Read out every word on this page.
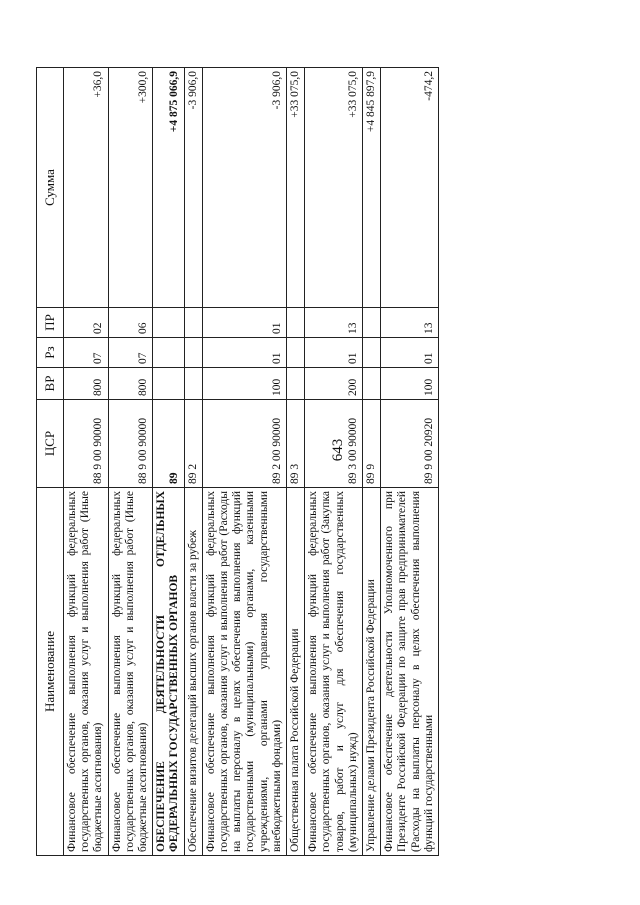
643
Наименование	ЦСР	ВР	Рз	ПР	Сумма
Финансовое обеспечение выполнения функций федеральных государственных органов, оказания услуг и выполнения работ (Иные бюджетные ассигнования)	88 9 00 90000	800	07	02	+36,0
Финансовое обеспечение выполнения функций федеральных государственных органов, оказания услуг и выполнения работ (Иные бюджетные ассигнования)	88 9 00 90000	800	07	06	+300,0
ОБЕСПЕЧЕНИЕ ДЕЯТЕЛЬНОСТИ ОТДЕЛЬНЫХ ФЕДЕРАЛЬНЫХ ГОСУДАРСТВЕННЫХ ОРГАНОВ	89				+4 875 066,9
Обеспечение визитов делегаций высших органов власти за рубеж	89 2				-3 906,0
Финансовое обеспечение выполнения функций федеральных государственных органов, оказания услуг и выполнения работ (Расходы на выплаты персоналу в целях обеспечения выполнения функций государственными (муниципальными) органами, казенными учреждениями, органами управления государственными внебюджетными фондами)	89 2 00 90000	100	01	01	-3 906,0
Общественная палата Российской Федерации	89 3				+33 075,0
Финансовое обеспечение выполнения функций федеральных государственных органов, оказания услуг и выполнения работ (Закупка товаров, работ и услуг для обеспечения государственных (муниципальных) нужд)	89 3 00 90000	200	01	13	+33 075,0
Управление делами Президента Российской Федерации	89 9				+4 845 897,9
Финансовое обеспечение деятельности Уполномоченного при Президенте Российской Федерации по защите прав предпринимателей (Расходы на выплаты персоналу в целях обеспечения выполнения функций государственными	89 9 00 20920	100	01	13	-474,2
